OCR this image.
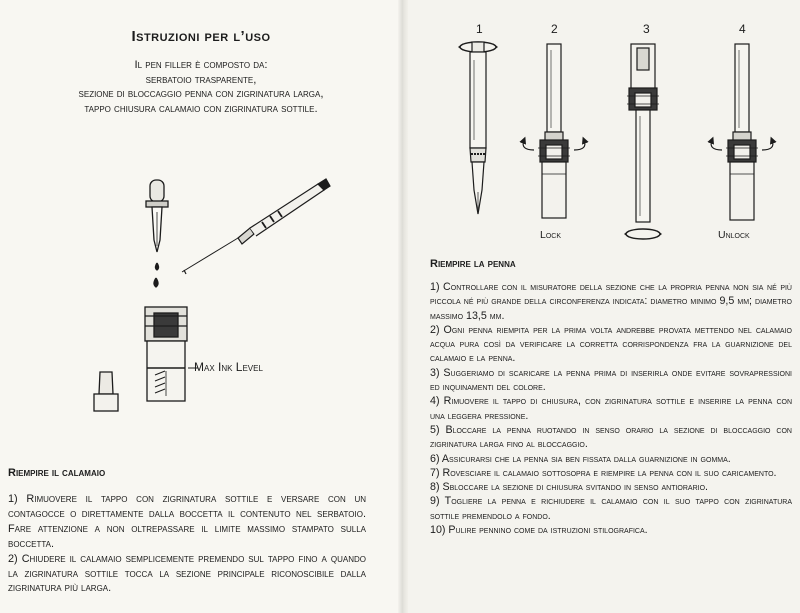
Istruzioni per l’uso
Il pen filler è composto da:
serbatoio trasparente,
sezione di bloccaggio penna con zigrinatura larga,
tappo chiusura calamaio con zigrinatura sottile.
Max Ink Level
Riempire il calamaio

1) Rimuovere il tappo con zigrinatura sottile e versare con un contagocce o direttamente dalla boccetta il contenuto nel serbatoio. Fare attenzione a non oltrepassare il limite massimo stampato sulla boccetta.

2) Chiudere il calamaio semplicemente premendo sul tappo fino a quando la zigrinatura sottile tocca la sezione principale riconoscibile dalla zigrinatura più larga.

1	2	3	4
Lock	Unlock
Riempire la penna

1) Controllare con il misuratore della sezione che la propria penna non sia né più piccola né più grande della circonferenza indicata: diametro minimo 9,5 mm; diametro massimo 13,5 mm.

2) Ogni penna riempita per la prima volta andrebbe provata mettendo nel calamaio acqua pura così da verificare la corretta corrispondenza fra la guarnizione del calamaio e la penna.

3) Suggeriamo di scaricare la penna prima di inserirla onde evitare sovrapressioni ed inquinamenti del colore.

4) Rimuovere il tappo di chiusura, con zigrinatura sottile e inserire la penna con una leggera pressione.

5) Bloccare la penna ruotando in senso orario la sezione di bloccaggio con zigrinatura larga fino al bloccaggio.

6) Assicurarsi che la penna sia ben fissata dalla guarnizione in gomma.

7) Rovesciare il calamaio sottosopra e riempire la penna con il suo caricamento.

8) Sbloccare la sezione di chiusura svitando in senso antiorario.

9) Togliere la penna e richiudere il calamaio con il suo tappo con zigrinatura sottile premendolo a fondo.

10) Pulire pennino come da istruzioni stilografica.
